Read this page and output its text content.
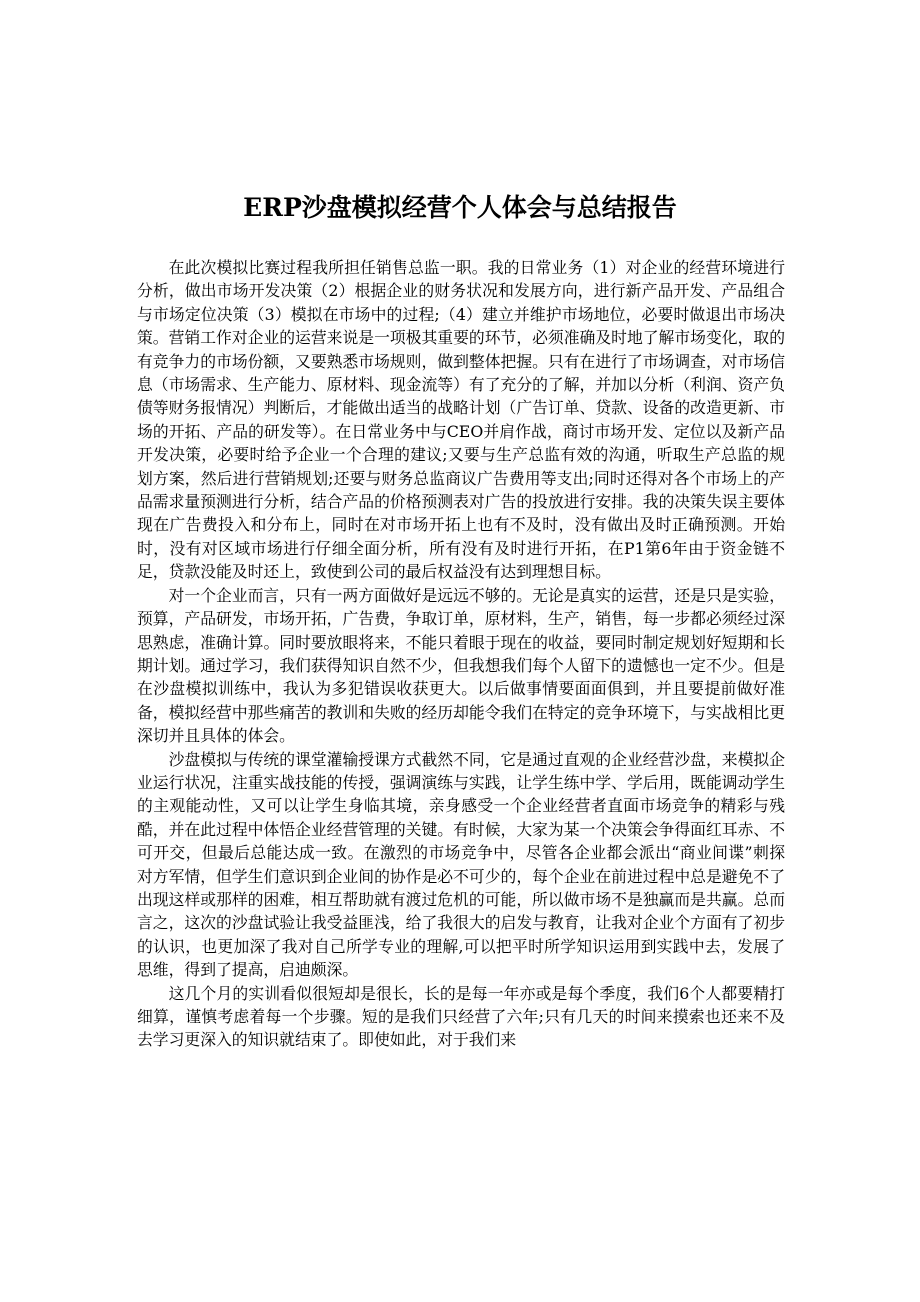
ERP沙盘模拟经营个人体会与总结报告

在此次模拟比赛过程我所担任销售总监一职。我的日常业务（1）对企业的经营环境进行分析，做出市场开发决策（2）根据企业的财务状况和发展方向，进行新产品开发、产品组合与市场定位决策（3）模拟在市场中的过程;（4）建立并维护市场地位，必要时做退出市场决策。营销工作对企业的运营来说是一项极其重要的环节，必须准确及时地了解市场变化，取的有竞争力的市场份额，又要熟悉市场规则，做到整体把握。只有在进行了市场调查，对市场信息（市场需求、生产能力、原材料、现金流等）有了充分的了解，并加以分析（利润、资产负债等财务报情况）判断后，才能做出适当的战略计划（广告订单、贷款、设备的改造更新、市场的开拓、产品的研发等）。在日常业务中与CEO并肩作战，商讨市场开发、定位以及新产品开发决策，必要时给予企业一个合理的建议;又要与生产总监有效的沟通，听取生产总监的规划方案，然后进行营销规划;还要与财务总监商议广告费用等支出;同时还得对各个市场上的产品需求量预测进行分析，结合产品的价格预测表对广告的投放进行安排。我的决策失误主要体现在广告费投入和分布上，同时在对市场开拓上也有不及时，没有做出及时正确预测。开始时，没有对区域市场进行仔细全面分析，所有没有及时进行开拓，在P1第6年由于资金链不足，贷款没能及时还上，致使到公司的最后权益没有达到理想目标。

对一个企业而言，只有一两方面做好是远远不够的。无论是真实的运营，还是只是实验，预算，产品研发，市场开拓，广告费，争取订单，原材料，生产，销售，每一步都必须经过深思熟虑，准确计算。同时要放眼将来，不能只着眼于现在的收益，要同时制定规划好短期和长期计划。通过学习，我们获得知识自然不少，但我想我们每个人留下的遗憾也一定不少。但是在沙盘模拟训练中，我认为多犯错误收获更大。以后做事情要面面俱到，并且要提前做好准备，模拟经营中那些痛苦的教训和失败的经历却能令我们在特定的竞争环境下，与实战相比更深切并且具体的体会。

沙盘模拟与传统的课堂灌输授课方式截然不同，它是通过直观的企业经营沙盘，来模拟企业运行状况，注重实战技能的传授，强调演练与实践，让学生练中学、学后用，既能调动学生的主观能动性，又可以让学生身临其境，亲身感受一个企业经营者直面市场竞争的精彩与残酷，并在此过程中体悟企业经营管理的关键。有时候，大家为某一个决策会争得面红耳赤、不可开交，但最后总能达成一致。在激烈的市场竞争中，尽管各企业都会派出“商业间谍”刺探对方军情，但学生们意识到企业间的协作是必不可少的，每个企业在前进过程中总是避免不了出现这样或那样的困难，相互帮助就有渡过危机的可能，所以做市场不是独赢而是共赢。总而言之，这次的沙盘试验让我受益匪浅，给了我很大的启发与教育，让我对企业个方面有了初步的认识，也更加深了我对自己所学专业的理解,可以把平时所学知识运用到实践中去，发展了思维，得到了提高，启迪颇深。

这几个月的实训看似很短却是很长，长的是每一年亦或是每个季度，我们6个人都要精打细算，谨慎考虑着每一个步骤。短的是我们只经营了六年;只有几天的时间来摸索也还来不及去学习更深入的知识就结束了。即使如此，对于我们来
